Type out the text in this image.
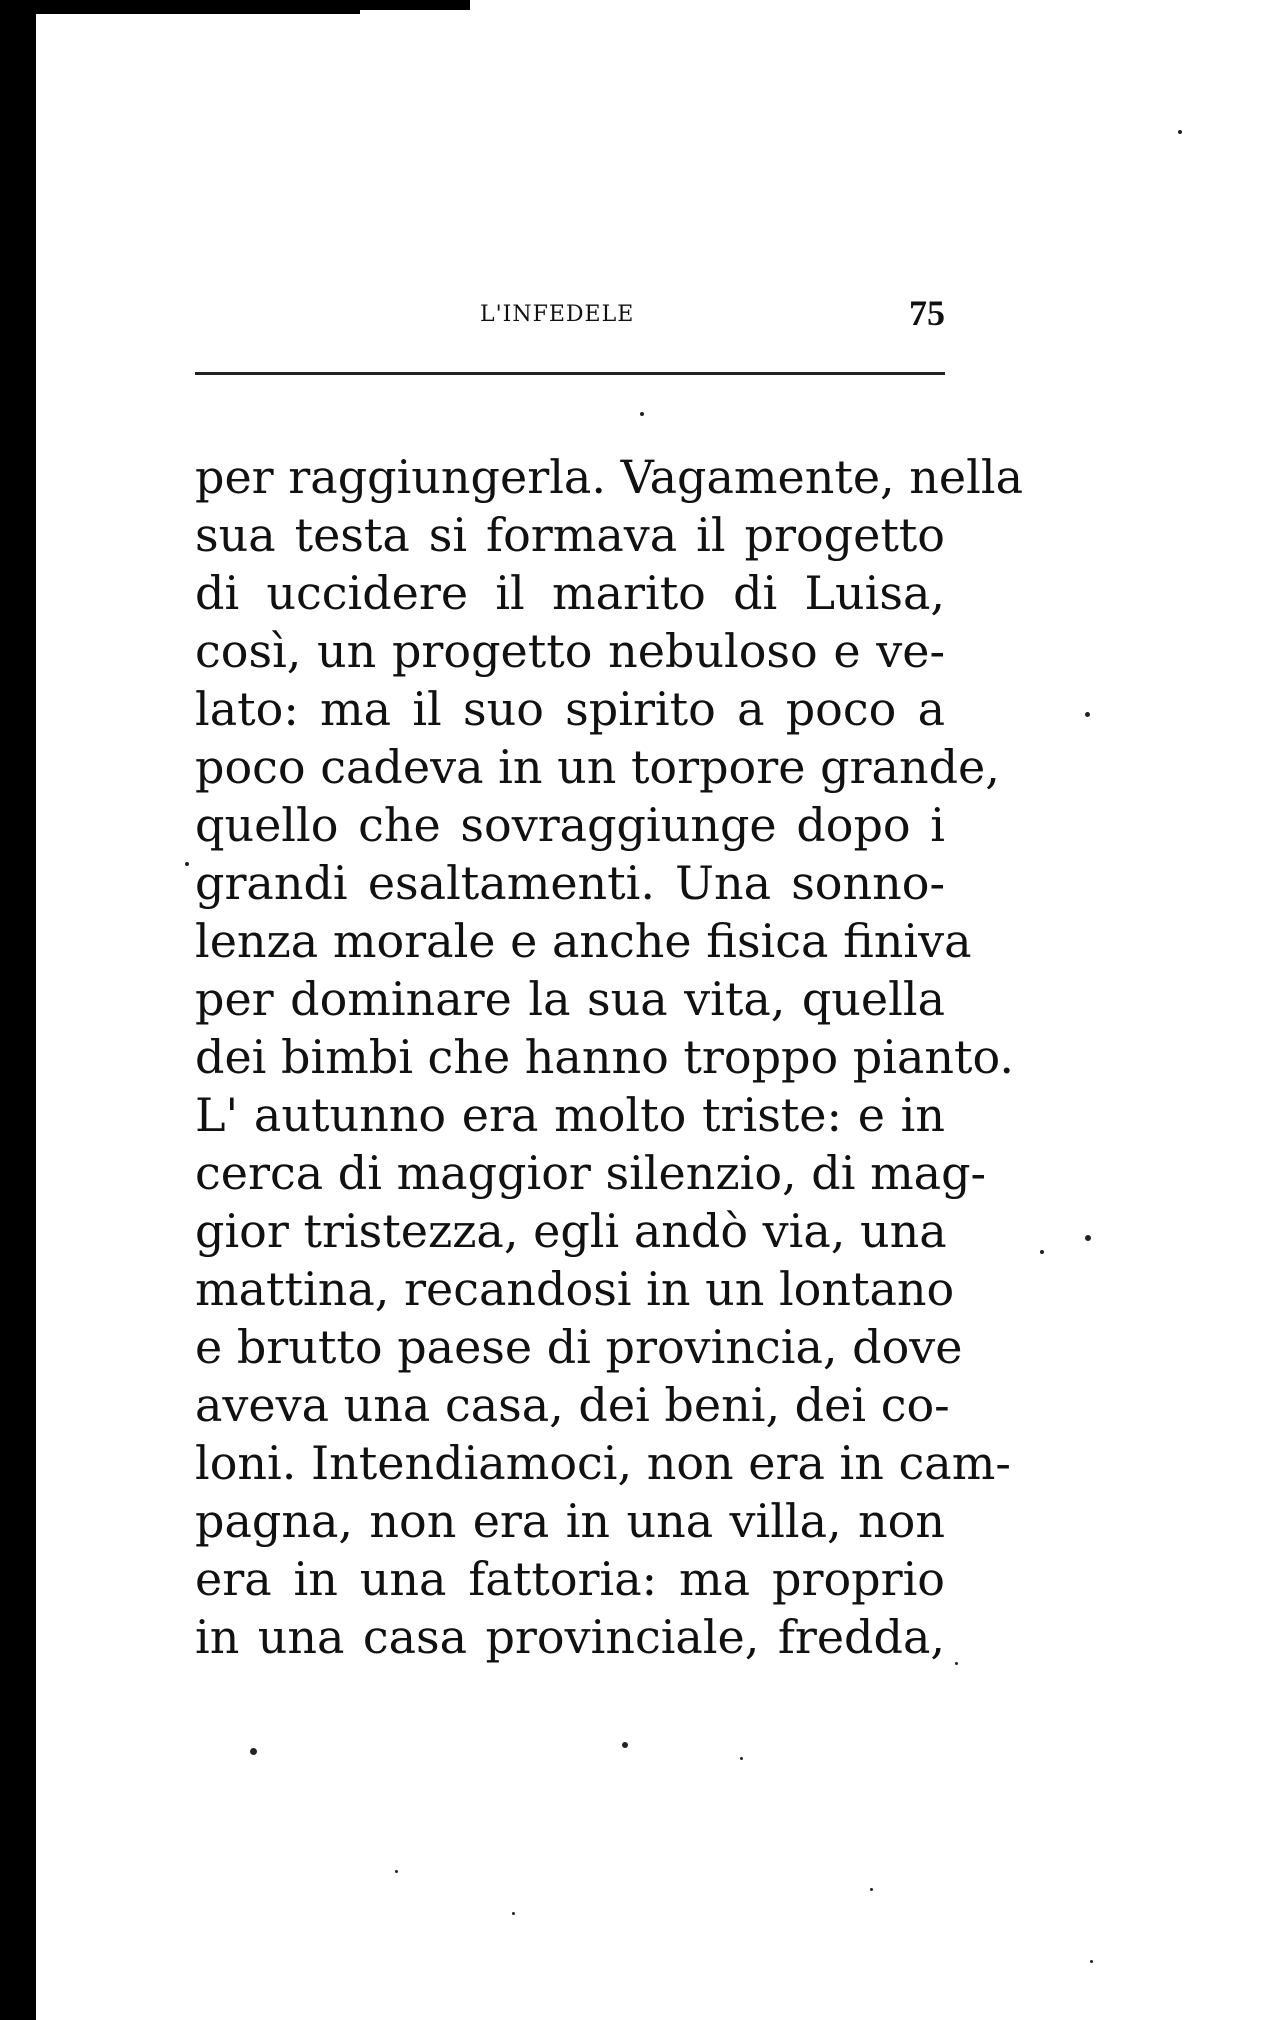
L'INFEDELE	75
per raggiungerla. Vagamente, nella
sua testa si formava il progetto
di uccidere il marito di Luisa,
così, un progetto nebuloso e ve-
lato: ma il suo spirito a poco a
poco cadeva in un torpore grande,
quello che sovraggiunge dopo i
grandi esaltamenti. Una sonno-
lenza morale e anche fisica finiva
per dominare la sua vita, quella
dei bimbi che hanno troppo pianto.
L' autunno era molto triste: e in
cerca di maggior silenzio, di mag-
gior tristezza, egli andò via, una
mattina, recandosi in un lontano
e brutto paese di provincia, dove
aveva una casa, dei beni, dei co-
loni. Intendiamoci, non era in cam-
pagna, non era in una villa, non
era in una fattoria: ma proprio
in una casa provinciale, fredda,
